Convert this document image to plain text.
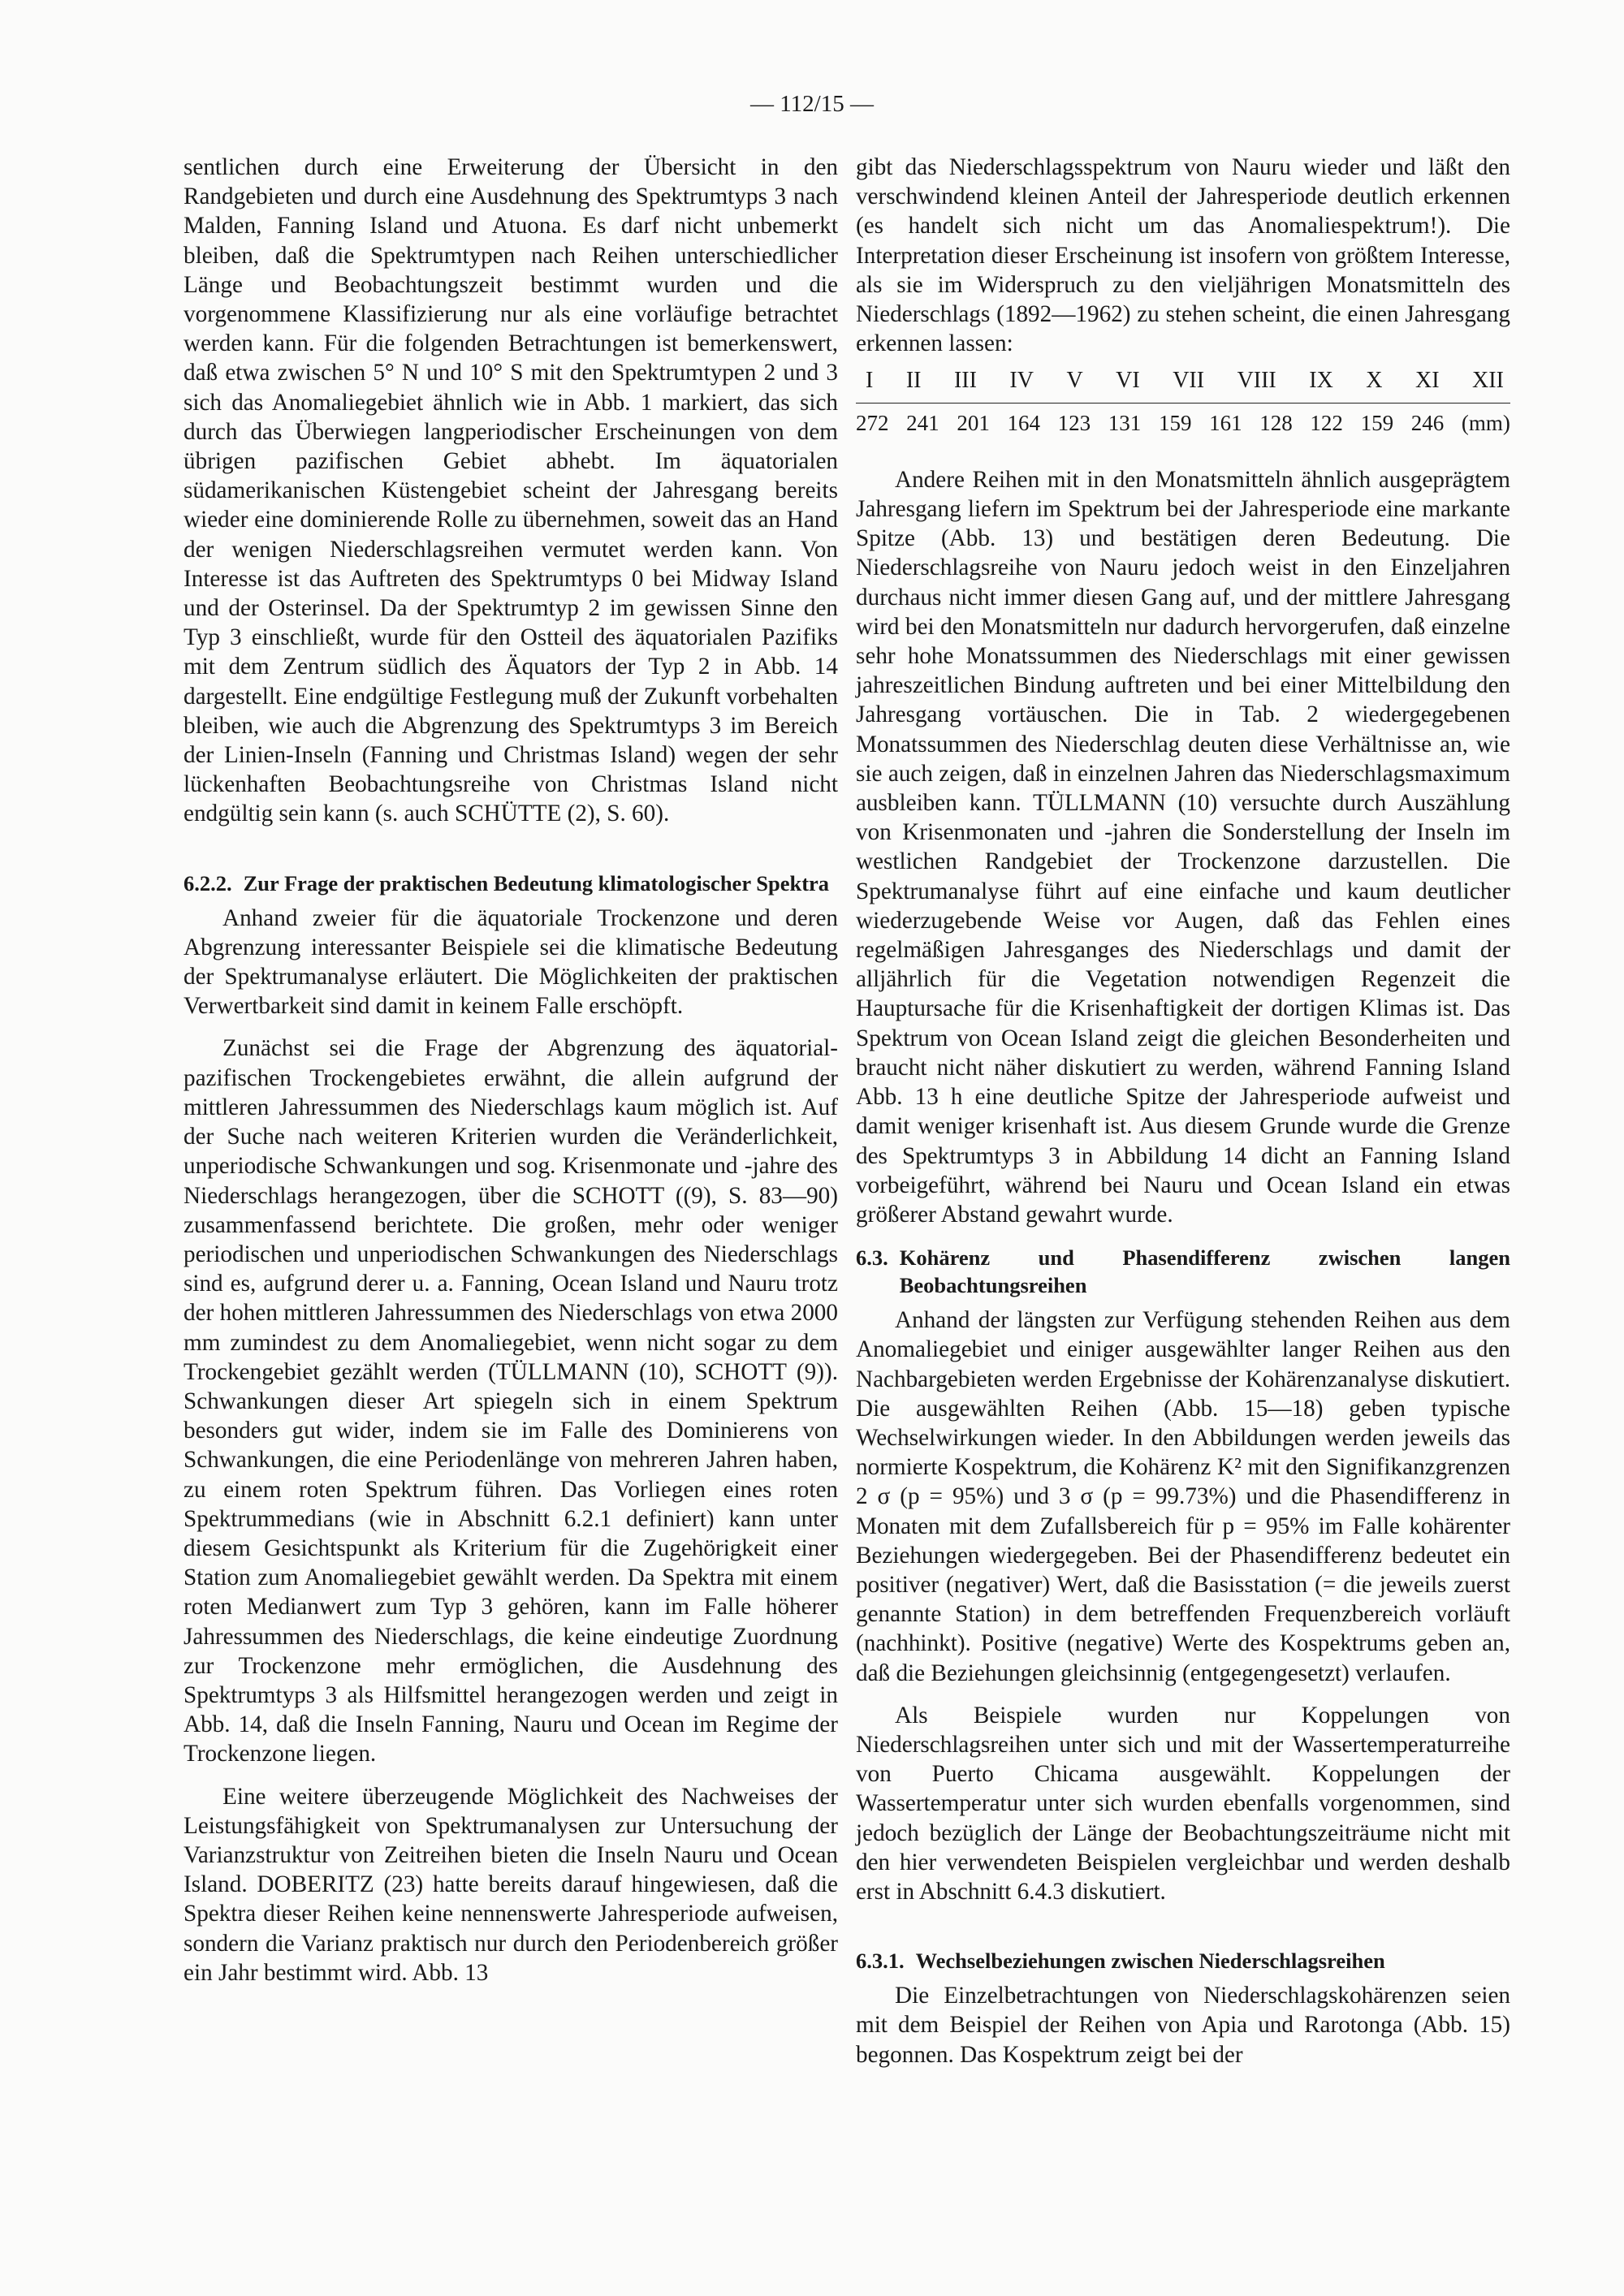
— 112/15 —

sentlichen durch eine Erweiterung der Übersicht in den Randgebieten und durch eine Ausdehnung des Spektrumtyps 3 nach Malden, Fanning Island und Atuona. Es darf nicht unbemerkt bleiben, daß die Spektrumtypen nach Reihen unterschiedlicher Länge und Beobachtungszeit bestimmt wurden und die vorgenommene Klassifizierung nur als eine vorläufige betrachtet werden kann. Für die folgenden Betrachtungen ist bemerkenswert, daß etwa zwischen 5° N und 10° S mit den Spektrumtypen 2 und 3 sich das Anomaliegebiet ähnlich wie in Abb. 1 markiert, das sich durch das Überwiegen langperiodischer Erscheinungen von dem übrigen pazifischen Gebiet abhebt. Im äquatorialen südamerikanischen Küstengebiet scheint der Jahresgang bereits wieder eine dominierende Rolle zu übernehmen, soweit das an Hand der wenigen Niederschlagsreihen vermutet werden kann. Von Interesse ist das Auftreten des Spektrumtyps 0 bei Midway Island und der Osterinsel. Da der Spektrumtyp 2 im gewissen Sinne den Typ 3 einschließt, wurde für den Ostteil des äquatorialen Pazifiks mit dem Zentrum südlich des Äquators der Typ 2 in Abb. 14 dargestellt. Eine endgültige Festlegung muß der Zukunft vorbehalten bleiben, wie auch die Abgrenzung des Spektrumtyps 3 im Bereich der Linien-Inseln (Fanning und Christmas Island) wegen der sehr lückenhaften Beobachtungsreihe von Christmas Island nicht endgültig sein kann (s. auch SCHÜTTE (2), S. 60).

6.2.2. Zur Frage der praktischen Bedeutung klimatologischer Spektra

Anhand zweier für die äquatoriale Trockenzone und deren Abgrenzung interessanter Beispiele sei die klimatische Bedeutung der Spektrumanalyse erläutert. Die Möglichkeiten der praktischen Verwertbarkeit sind damit in keinem Falle erschöpft.

Zunächst sei die Frage der Abgrenzung des äquatorial-pazifischen Trockengebietes erwähnt, die allein aufgrund der mittleren Jahressummen des Niederschlags kaum möglich ist. Auf der Suche nach weiteren Kriterien wurden die Veränderlichkeit, unperiodische Schwankungen und sog. Krisenmonate und -jahre des Niederschlags herangezogen, über die SCHOTT ((9), S. 83—90) zusammenfassend berichtete. Die großen, mehr oder weniger periodischen und unperiodischen Schwankungen des Niederschlags sind es, aufgrund derer u. a. Fanning, Ocean Island und Nauru trotz der hohen mittleren Jahressummen des Niederschlags von etwa 2000 mm zumindest zu dem Anomaliegebiet, wenn nicht sogar zu dem Trockengebiet gezählt werden (TÜLLMANN (10), SCHOTT (9)). Schwankungen dieser Art spiegeln sich in einem Spektrum besonders gut wider, indem sie im Falle des Dominierens von Schwankungen, die eine Periodenlänge von mehreren Jahren haben, zu einem roten Spektrum führen. Das Vorliegen eines roten Spektrummedians (wie in Abschnitt 6.2.1 definiert) kann unter diesem Gesichtspunkt als Kriterium für die Zugehörigkeit einer Station zum Anomaliegebiet gewählt werden. Da Spektra mit einem roten Medianwert zum Typ 3 gehören, kann im Falle höherer Jahressummen des Niederschlags, die keine eindeutige Zuordnung zur Trockenzone mehr ermöglichen, die Ausdehnung des Spektrumtyps 3 als Hilfsmittel herangezogen werden und zeigt in Abb. 14, daß die Inseln Fanning, Nauru und Ocean im Regime der Trockenzone liegen.

Eine weitere überzeugende Möglichkeit des Nachweises der Leistungsfähigkeit von Spektrumanalysen zur Untersuchung der Varianzstruktur von Zeitreihen bieten die Inseln Nauru und Ocean Island. DOBERITZ (23) hatte bereits darauf hingewiesen, daß die Spektra dieser Reihen keine nennenswerte Jahresperiode aufweisen, sondern die Varianz praktisch nur durch den Periodenbereich größer ein Jahr bestimmt wird. Abb. 13

gibt das Niederschlagsspektrum von Nauru wieder und läßt den verschwindend kleinen Anteil der Jahresperiode deutlich erkennen (es handelt sich nicht um das Anomaliespektrum!). Die Interpretation dieser Erscheinung ist insofern von größtem Interesse, als sie im Widerspruch zu den vieljährigen Monatsmitteln des Niederschlags (1892—1962) zu stehen scheint, die einen Jahresgang erkennen lassen:

I II III IV V VI VII VIII IX X XI XII
272 241 201 164 123 131 159 161 128 122 159 246 (mm)

Andere Reihen mit in den Monatsmitteln ähnlich ausgeprägtem Jahresgang liefern im Spektrum bei der Jahresperiode eine markante Spitze (Abb. 13) und bestätigen deren Bedeutung. Die Niederschlagsreihe von Nauru jedoch weist in den Einzeljahren durchaus nicht immer diesen Gang auf, und der mittlere Jahresgang wird bei den Monatsmitteln nur dadurch hervorgerufen, daß einzelne sehr hohe Monatssummen des Niederschlags mit einer gewissen jahreszeitlichen Bindung auftreten und bei einer Mittelbildung den Jahresgang vortäuschen. Die in Tab. 2 wiedergegebenen Monatssummen des Niederschlag deuten diese Verhältnisse an, wie sie auch zeigen, daß in einzelnen Jahren das Niederschlagsmaximum ausbleiben kann. TÜLLMANN (10) versuchte durch Auszählung von Krisenmonaten und -jahren die Sonderstellung der Inseln im westlichen Randgebiet der Trockenzone darzustellen. Die Spektrumanalyse führt auf eine einfache und kaum deutlicher wiederzugebende Weise vor Augen, daß das Fehlen eines regelmäßigen Jahresganges des Niederschlags und damit der alljährlich für die Vegetation notwendigen Regenzeit die Hauptursache für die Krisenhaftigkeit der dortigen Klimas ist. Das Spektrum von Ocean Island zeigt die gleichen Besonderheiten und braucht nicht näher diskutiert zu werden, während Fanning Island Abb. 13 h eine deutliche Spitze der Jahresperiode aufweist und damit weniger krisenhaft ist. Aus diesem Grunde wurde die Grenze des Spektrumtyps 3 in Abbildung 14 dicht an Fanning Island vorbeigeführt, während bei Nauru und Ocean Island ein etwas größerer Abstand gewahrt wurde.

6.3. Kohärenz und Phasendifferenz zwischen langen Beobachtungsreihen

Anhand der längsten zur Verfügung stehenden Reihen aus dem Anomaliegebiet und einiger ausgewählter langer Reihen aus den Nachbargebieten werden Ergebnisse der Kohärenzanalyse diskutiert. Die ausgewählten Reihen (Abb. 15—18) geben typische Wechselwirkungen wieder. In den Abbildungen werden jeweils das normierte Kospektrum, die Kohärenz K² mit den Signifikanzgrenzen 2 σ (p = 95%) und 3 σ (p = 99.73%) und die Phasendifferenz in Monaten mit dem Zufallsbereich für p = 95% im Falle kohärenter Beziehungen wiedergegeben. Bei der Phasendifferenz bedeutet ein positiver (negativer) Wert, daß die Basisstation (= die jeweils zuerst genannte Station) in dem betreffenden Frequenzbereich vorläuft (nachhinkt). Positive (negative) Werte des Kospektrums geben an, daß die Beziehungen gleichsinnig (entgegengesetzt) verlaufen.

Als Beispiele wurden nur Koppelungen von Niederschlagsreihen unter sich und mit der Wassertemperaturreihe von Puerto Chicama ausgewählt. Koppelungen der Wassertemperatur unter sich wurden ebenfalls vorgenommen, sind jedoch bezüglich der Länge der Beobachtungszeiträume nicht mit den hier verwendeten Beispielen vergleichbar und werden deshalb erst in Abschnitt 6.4.3 diskutiert.

6.3.1. Wechselbeziehungen zwischen Niederschlagsreihen

Die Einzelbetrachtungen von Niederschlagskohärenzen seien mit dem Beispiel der Reihen von Apia und Rarotonga (Abb. 15) begonnen. Das Kospektrum zeigt bei der
